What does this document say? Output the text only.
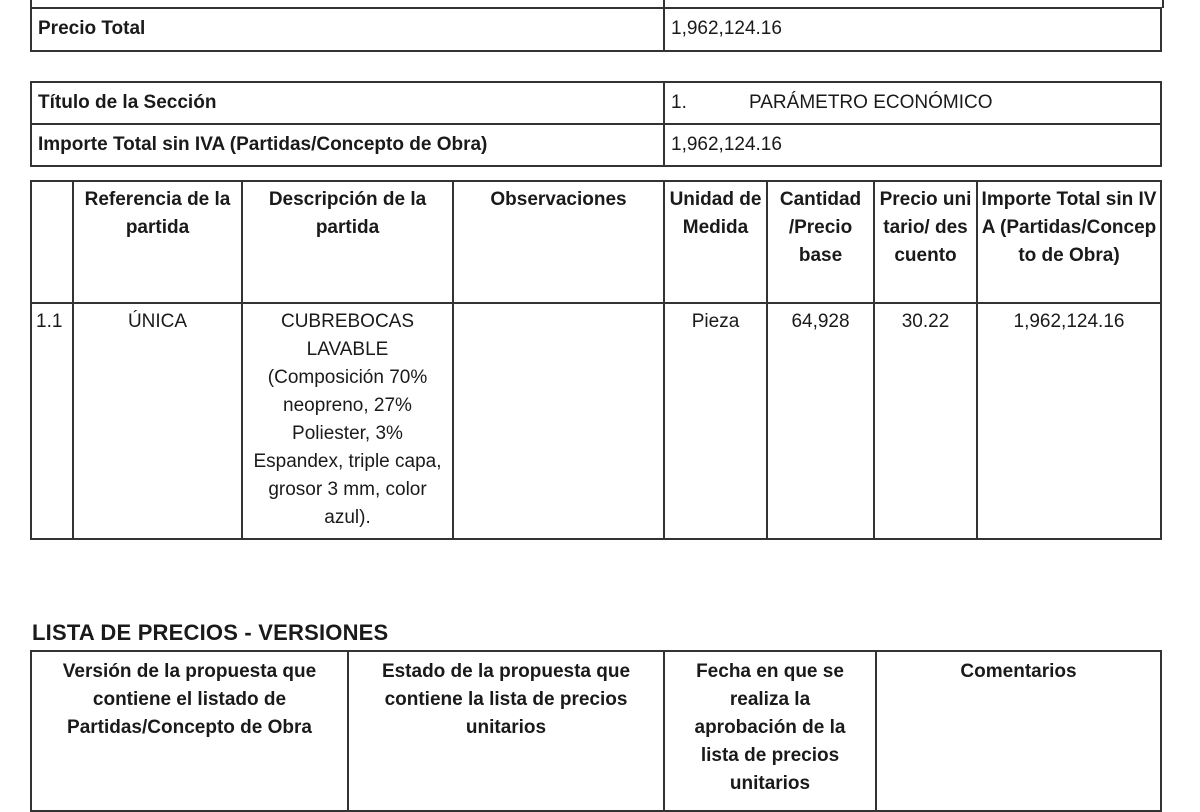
Precio Total	1,962,124.16
Título de la Sección	1. PARÁMETRO ECONÓMICO
Importe Total sin IVA (Partidas/Concepto de Obra)	1,962,124.16
	Referencia de la partida	Descripción de la partida	Observaciones	Unidad de Medida	Cantidad /Precio base	Precio unitario/ descuento	Importe Total sin IVA (Partidas/Concepto de Obra)
1.1	ÚNICA	CUBREBOCAS LAVABLE (Composición 70% neopreno, 27% Poliester, 3% Espandex, triple capa, grosor 3 mm, color azul).		Pieza	64,928	30.22	1,962,124.16
LISTA DE PRECIOS - VERSIONES
Versión de la propuesta que contiene el listado de Partidas/Concepto de Obra	Estado de la propuesta que contiene la lista de precios unitarios	Fecha en que se realiza la aprobación de la lista de precios unitarios	Comentarios
